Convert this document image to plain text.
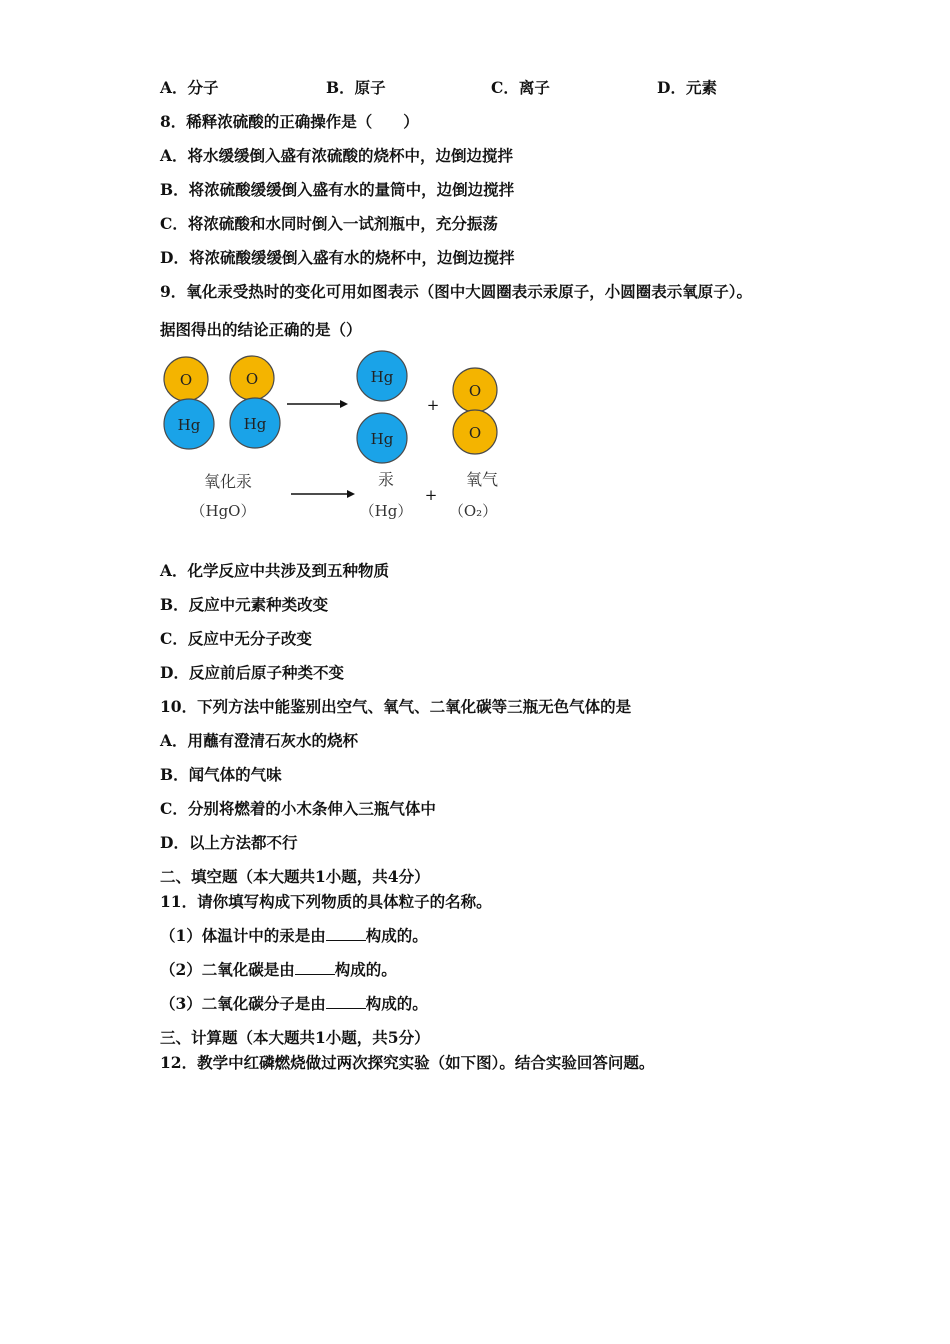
A．分子	B．原子	C．离子	D．元素
8．稀释浓硫酸的正确操作是（　　）
A．将水缓缓倒入盛有浓硫酸的烧杯中，边倒边搅拌
B．将浓硫酸缓缓倒入盛有水的量筒中，边倒边搅拌
C．将浓硫酸和水同时倒入一试剂瓶中，充分振荡
D．将浓硫酸缓缓倒入盛有水的烧杯中，边倒边搅拌
9．氧化汞受热时的变化可用如图表示（图中大圆圈表示汞原子，小圆圈表示氧原子）。
据图得出的结论正确的是（）
O
Hg
O
Hg
Hg
Hg
+
O
O
氧化汞	汞	氧气
+
（HgO）	（Hg） （O₂）
A．化学反应中共涉及到五种物质
B．反应中元素种类改变
C．反应中无分子改变
D．反应前后原子种类不变
10．下列方法中能鉴别出空气、氧气、二氧化碳等三瓶无色气体的是
A．用蘸有澄清石灰水的烧杯
B．闻气体的气味
C．分别将燃着的小木条伸入三瓶气体中
D．以上方法都不行
二、填空题（本大题共1小题，共4分）
11．请你填写构成下列物质的具体粒子的名称。
（1）体温计中的汞是由	构成的。
（2）二氧化碳是由	构成的。
（3）二氧化碳分子是由	构成的。
三、计算题（本大题共1小题，共5分）
12．教学中红磷燃烧做过两次探究实验（如下图）。结合实验回答问题。
